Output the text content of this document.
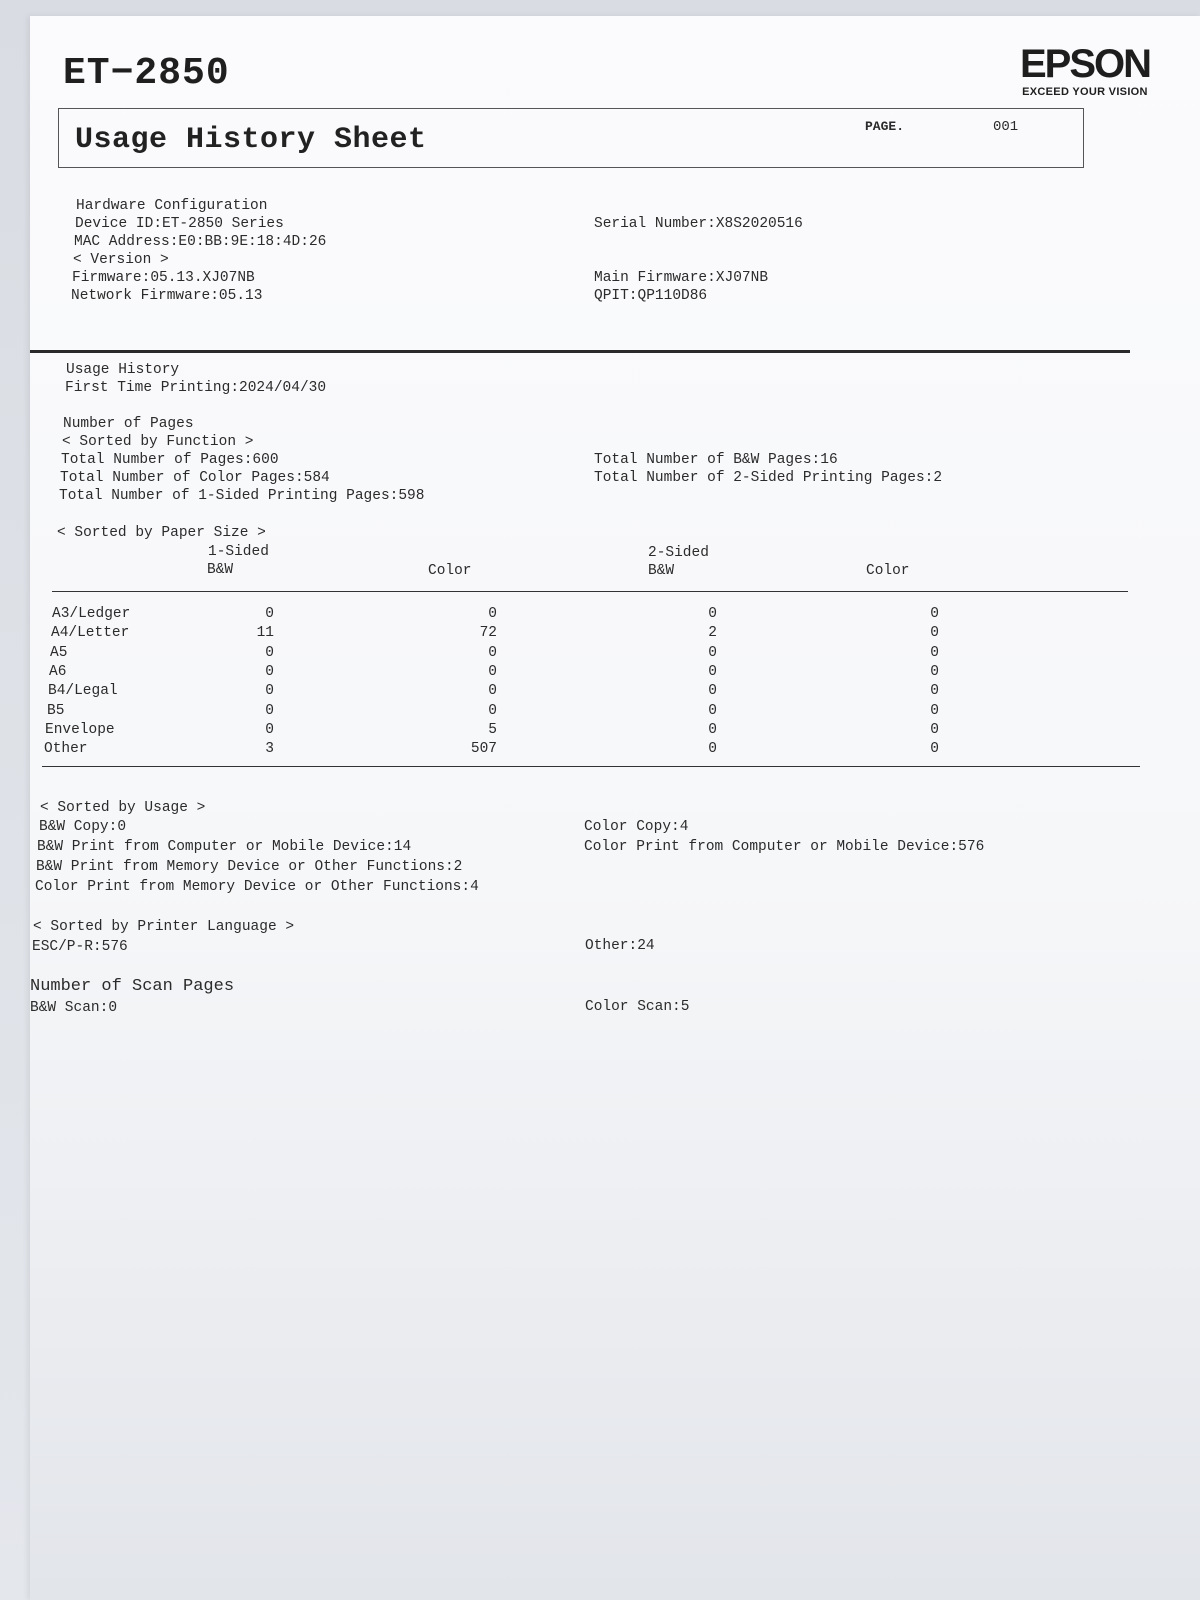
ET−2850	EPSON
EXCEED YOUR VISION
Usage History Sheet	PAGE.	001
Hardware Configuration
Device ID:ET-2850 Series	Serial Number:X8S2020516
MAC Address:E0:BB:9E:18:4D:26
< Version >
Firmware:05.13.XJ07NB	Main Firmware:XJ07NB
Network Firmware:05.13	QPIT:QP110D86
Usage History
First Time Printing:2024/04/30
Number of Pages
< Sorted by Function >
Total Number of Pages:600	Total Number of B&W Pages:16
Total Number of Color Pages:584	Total Number of 2-Sided Printing Pages:2
Total Number of 1-Sided Printing Pages:598
< Sorted by Paper Size >
1-Sided	2-Sided
B&W	Color	B&W	Color
A3/Ledger	0	0	0	0
A4/Letter	11	72	2	0
A5	0	0	0	0
A6	0	0	0	0
B4/Legal	0	0	0	0
B5	0	0	0	0
Envelope	0	5	0	0
Other	3	507	0	0
< Sorted by Usage >
B&W Copy:0	Color Copy:4
B&W Print from Computer or Mobile Device:14	Color Print from Computer or Mobile Device:576
B&W Print from Memory Device or Other Functions:2
Color Print from Memory Device or Other Functions:4
< Sorted by Printer Language >
ESC/P-R:576	Other:24
Number of Scan Pages
B&W Scan:0	Color Scan:5
